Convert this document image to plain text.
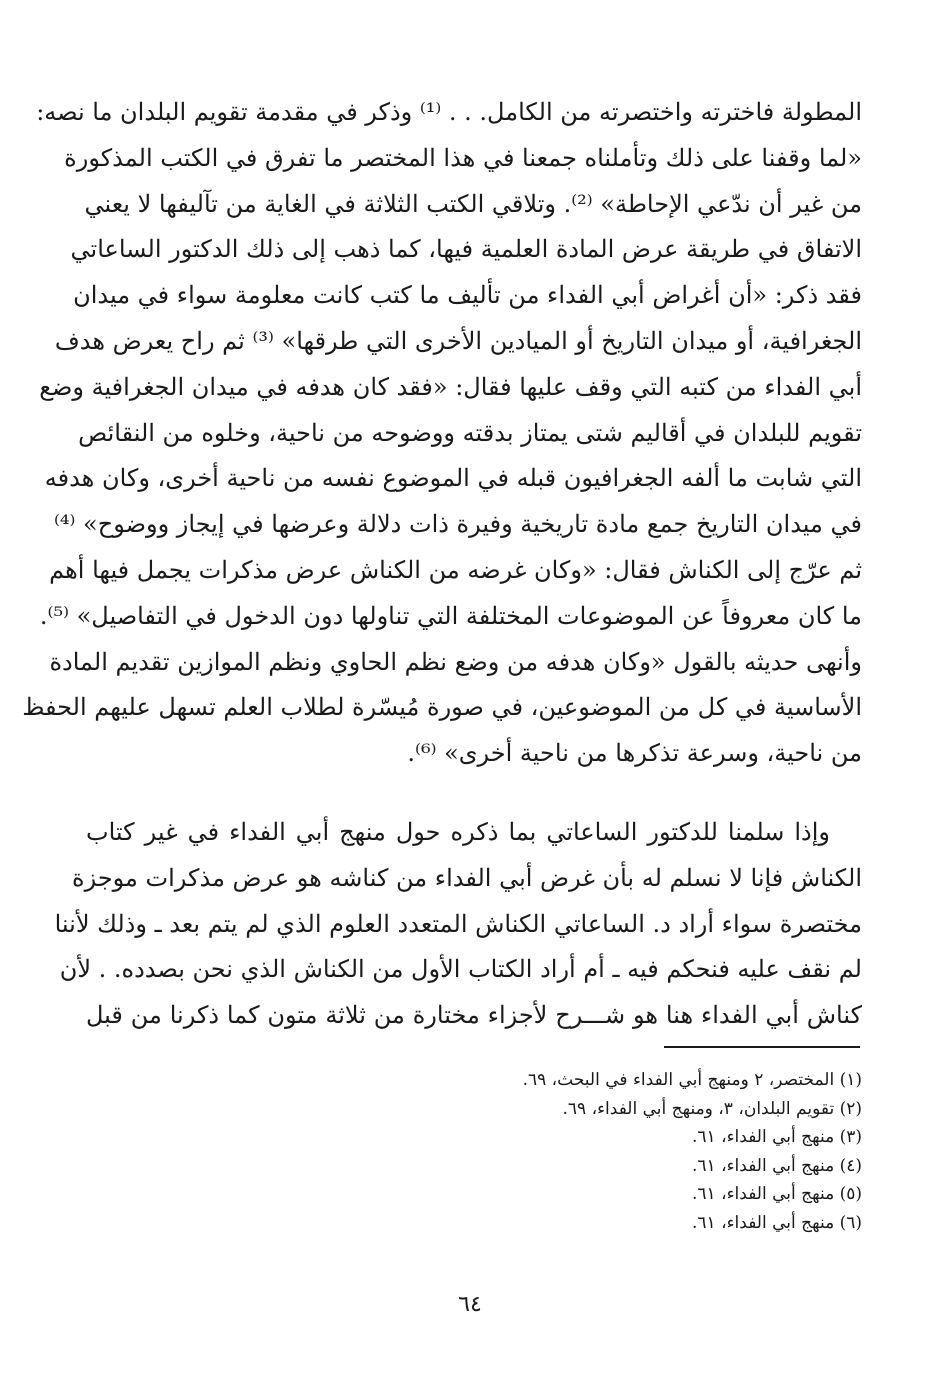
المطولة فاخترته واختصرته من الكامل. . . ⁽¹⁾ وذكر في مقدمة تقويم البلدان ما نصه:
«لما وقفنا على ذلك وتأملناه جمعنا في هذا المختصر ما تفرق في الكتب المذكورة
من غير أن ندّعي الإحاطة» ⁽²⁾. وتلاقي الكتب الثلاثة في الغاية من تآليفها لا يعني
الاتفاق في طريقة عرض المادة العلمية فيها، كما ذهب إلى ذلك الدكتور الساعاتي
فقد ذكر: «أن أغراض أبي الفداء من تأليف ما كتب كانت معلومة سواء في ميدان
الجغرافية، أو ميدان التاريخ أو الميادين الأخرى التي طرقها» ⁽³⁾ ثم راح يعرض هدف
أبي الفداء من كتبه التي وقف عليها فقال: «فقد كان هدفه في ميدان الجغرافية وضع
تقويم للبلدان في أقاليم شتى يمتاز بدقته ووضوحه من ناحية، وخلوه من النقائص
التي شابت ما ألفه الجغرافيون قبله في الموضوع نفسه من ناحية أخرى، وكان هدفه
في ميدان التاريخ جمع مادة تاريخية وفيرة ذات دلالة وعرضها في إيجاز ووضوح» ⁽⁴⁾
ثم عرّج إلى الكناش فقال: «وكان غرضه من الكناش عرض مذكرات يجمل فيها أهم
ما كان معروفاً عن الموضوعات المختلفة التي تناولها دون الدخول في التفاصيل» ⁽⁵⁾.
وأنهى حديثه بالقول «وكان هدفه من وضع نظم الحاوي ونظم الموازين تقديم المادة
الأساسية في كل من الموضوعين، في صورة مُيسّرة لطلاب العلم تسهل عليهم الحفظ
من ناحية، وسرعة تذكرها من ناحية أخرى» ⁽⁶⁾.
وإذا سلمنا للدكتور الساعاتي بما ذكره حول منهج أبي الفداء في غير كتاب
الكناش فإنا لا نسلم له بأن غرض أبي الفداء من كناشه هو عرض مذكرات موجزة
مختصرة سواء أراد د. الساعاتي الكناش المتعدد العلوم الذي لم يتم بعد ـ وذلك لأننا
لم نقف عليه فنحكم فيه ـ أم أراد الكتاب الأول من الكناش الذي نحن بصدده. . لأن
كناش أبي الفداء هنا هو شـــرح لأجزاء مختارة من ثلاثة متون كما ذكرنا من قبل
(١) المختصر، ٢ ومنهج أبي الفداء في البحث، ٦٩.
(٢) تقويم البلدان، ٣، ومنهج أبي الفداء، ٦٩.
(٣) منهج أبي الفداء، ٦١.
(٤) منهج أبي الفداء، ٦١.
(٥) منهج أبي الفداء، ٦١.
(٦) منهج أبي الفداء، ٦١.
٦٤
